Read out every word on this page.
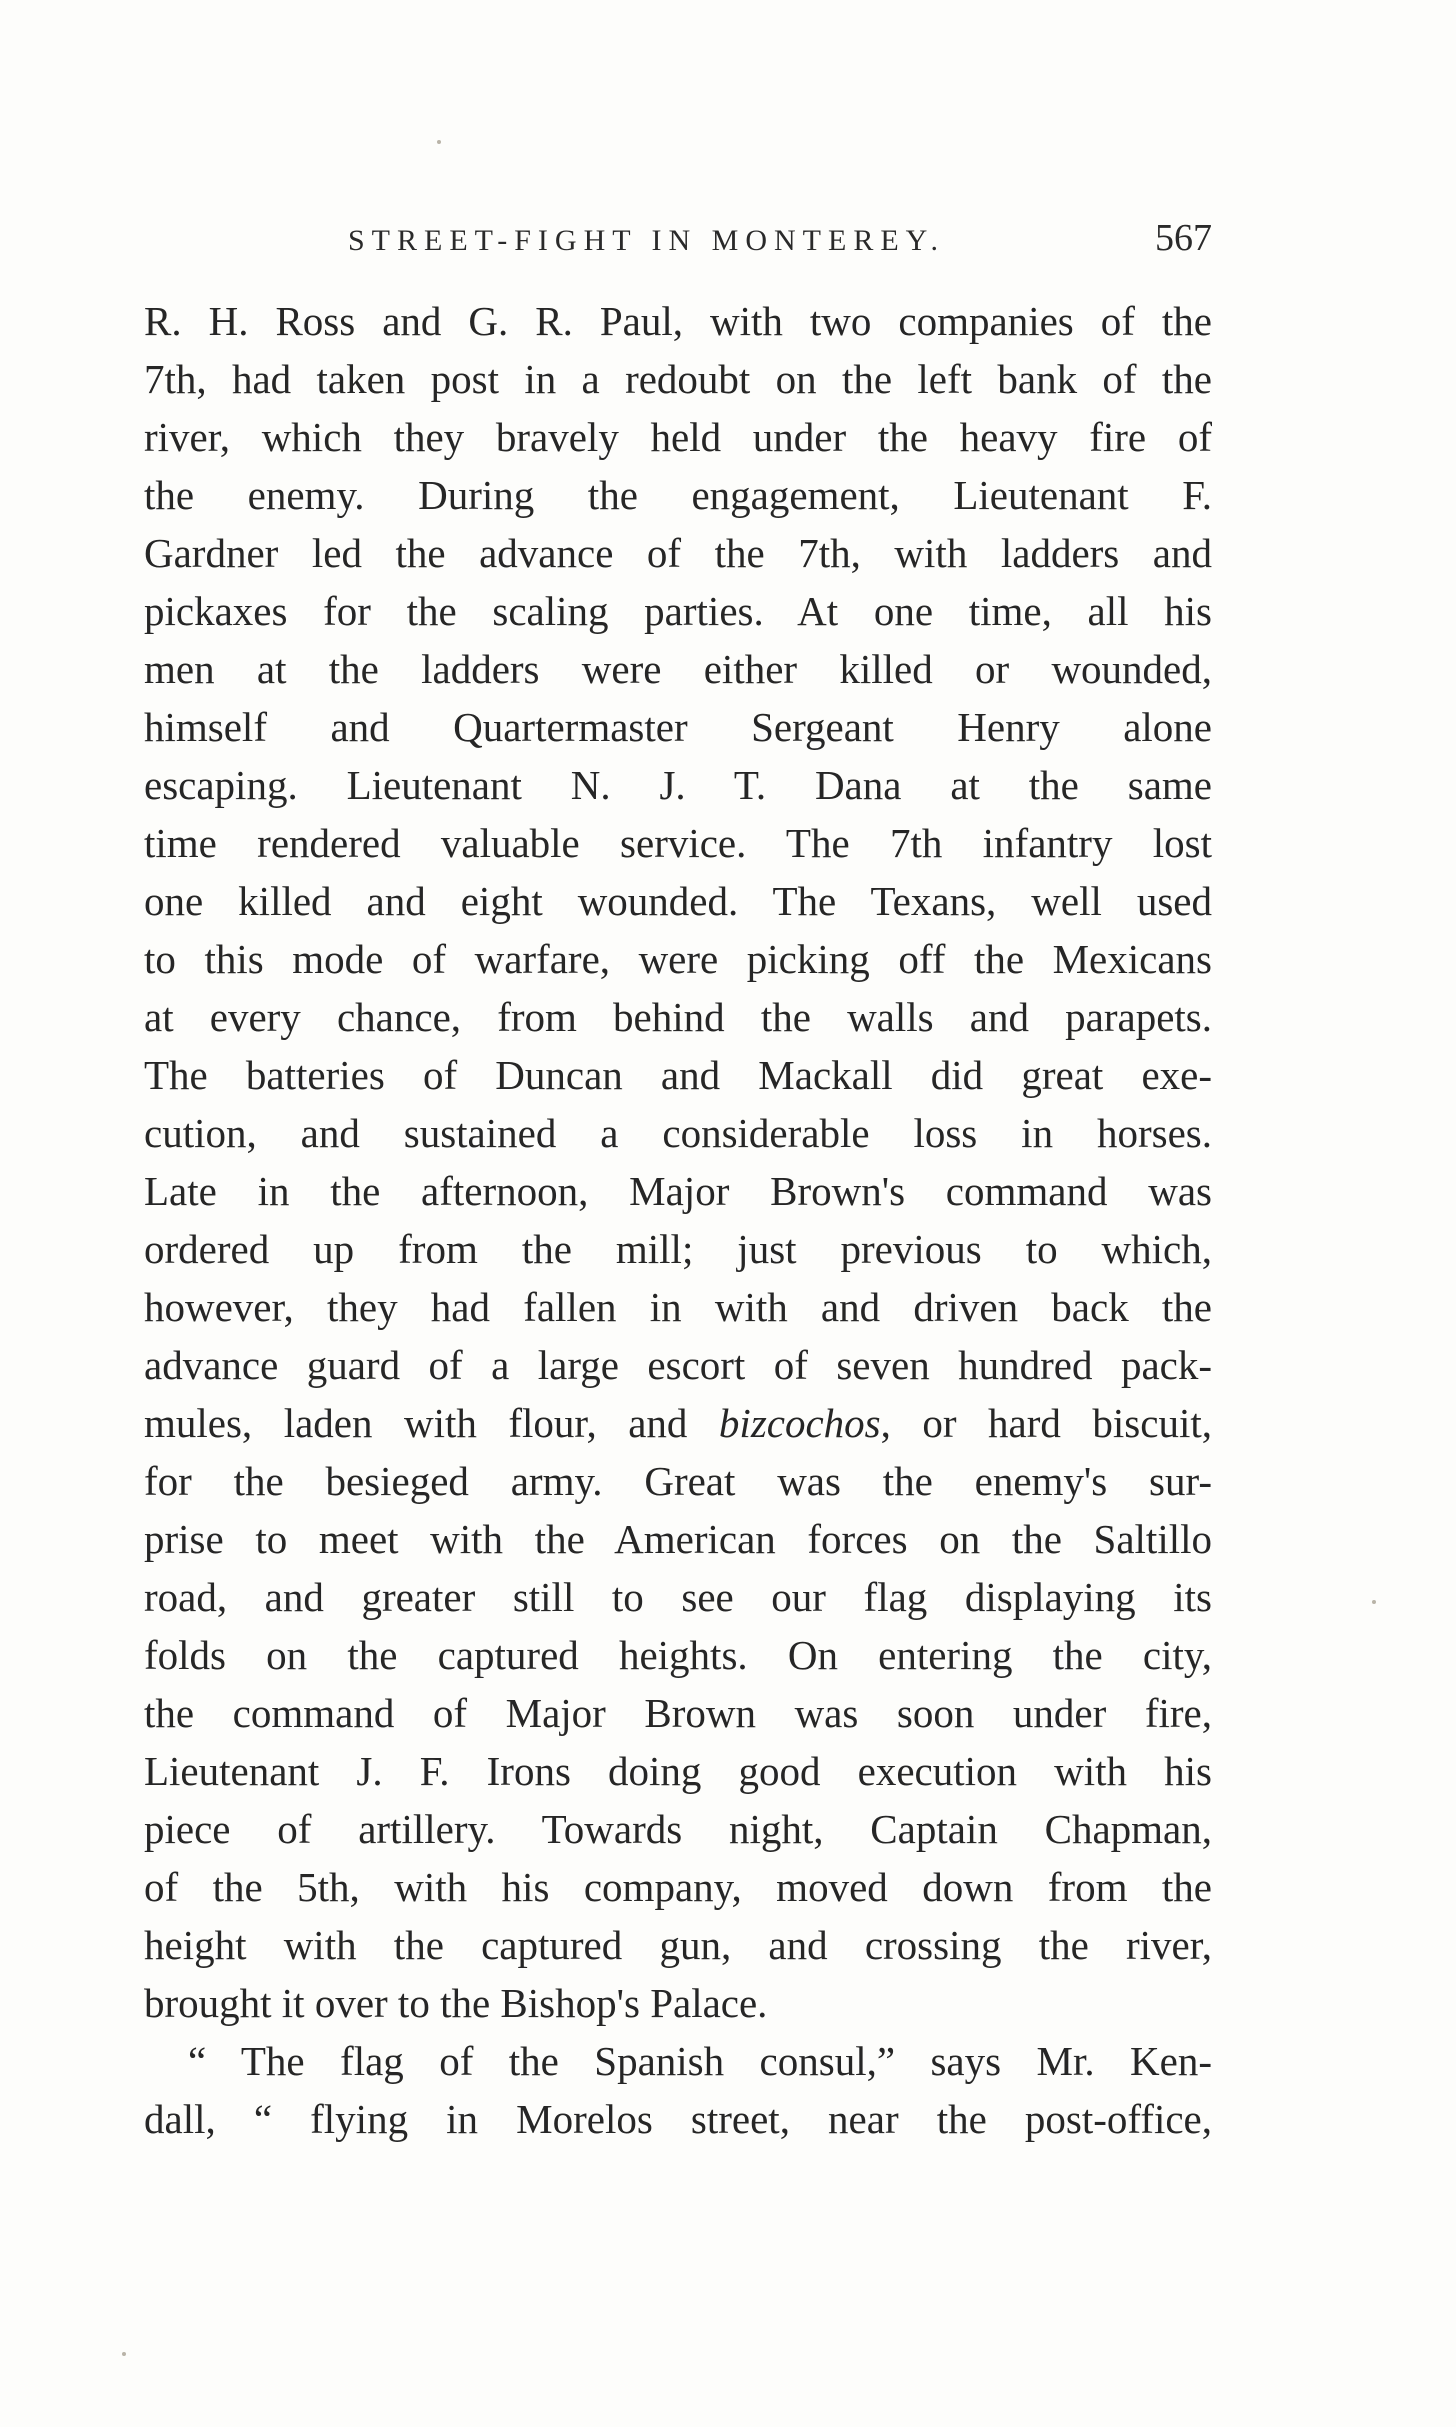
STREET-FIGHT IN MONTEREY.	567
R. H. Ross and G. R. Paul, with two companies of the
7th, had taken post in a redoubt on the left bank of the
river, which they bravely held under the heavy fire of
the enemy. During the engagement, Lieutenant F.
Gardner led the advance of the 7th, with ladders and
pickaxes for the scaling parties. At one time, all his
men at the ladders were either killed or wounded,
himself and Quartermaster Sergeant Henry alone
escaping. Lieutenant N. J. T. Dana at the same
time rendered valuable service. The 7th infantry lost
one killed and eight wounded. The Texans, well used
to this mode of warfare, were picking off the Mexicans
at every chance, from behind the walls and parapets.
The batteries of Duncan and Mackall did great exe-
cution, and sustained a considerable loss in horses.
Late in the afternoon, Major Brown's command was
ordered up from the mill; just previous to which,
however, they had fallen in with and driven back the
advance guard of a large escort of seven hundred pack-
mules, laden with flour, and bizcochos, or hard biscuit,
for the besieged army. Great was the enemy's sur-
prise to meet with the American forces on the Saltillo
road, and greater still to see our flag displaying its
folds on the captured heights. On entering the city,
the command of Major Brown was soon under fire,
Lieutenant J. F. Irons doing good execution with his
piece of artillery. Towards night, Captain Chapman,
of the 5th, with his company, moved down from the
height with the captured gun, and crossing the river,
brought it over to the Bishop's Palace.
“ The flag of the Spanish consul,” says Mr. Ken-
dall, “ flying in Morelos street, near the post-office,
